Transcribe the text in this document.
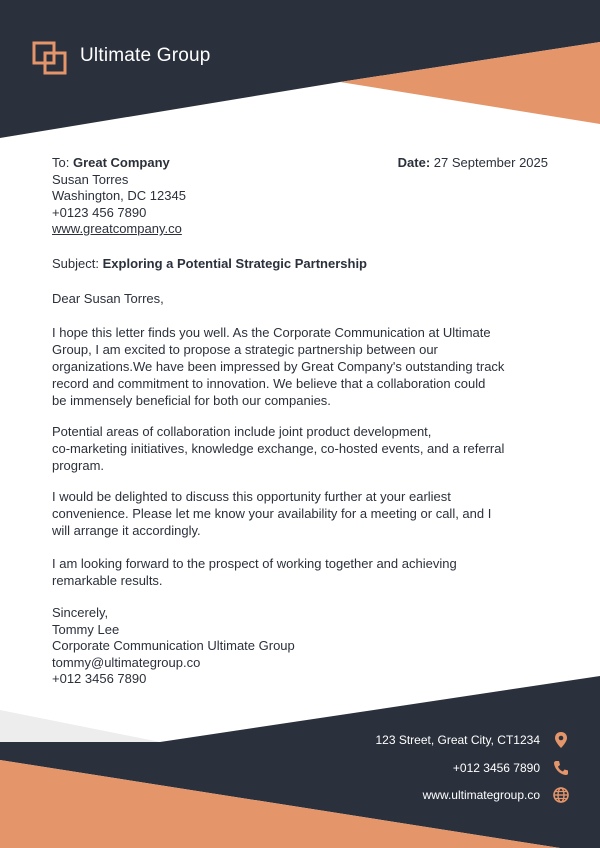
Ultimate Group
To: Great Company
Susan Torres
Washington, DC 12345
+0123 456 7890
www.greatcompany.co
Date: 27 September 2025
Subject: Exploring a Potential Strategic Partnership
Dear Susan Torres,
I hope this letter finds you well. As the Corporate Communication at Ultimate
Group, I am excited to propose a strategic partnership between our
organizations.We have been impressed by Great Company's outstanding track
record and commitment to innovation. We believe that a collaboration could
be immensely beneficial for both our companies.
Potential areas of collaboration include joint product development,
co-marketing initiatives, knowledge exchange, co-hosted events, and a referral
program.
I would be delighted to discuss this opportunity further at your earliest
convenience. Please let me know your availability for a meeting or call, and I
will arrange it accordingly.
I am looking forward to the prospect of working together and achieving
remarkable results.
Sincerely,
Tommy Lee
Corporate Communication Ultimate Group
tommy@ultimategroup.co
+012 3456 7890
123 Street, Great City, CT1234
+012 3456 7890
www.ultimategroup.co
